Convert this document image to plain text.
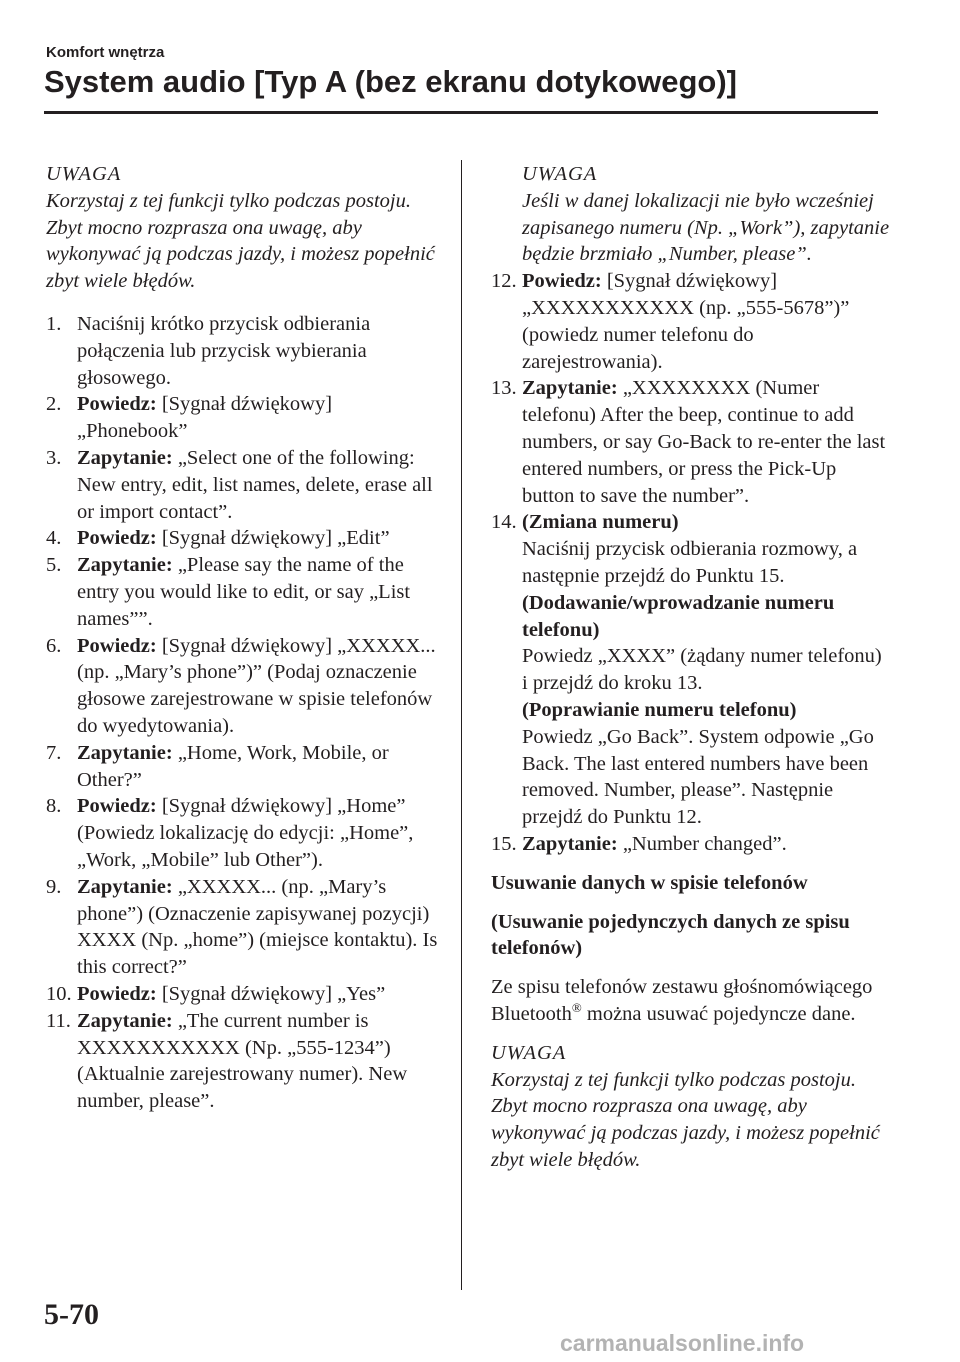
Komfort wnętrza
System audio [Typ A (bez ekranu dotykowego)]
UWAGA
Korzystaj z tej funkcji tylko podczas postoju. Zbyt mocno rozprasza ona uwagę, aby wykonywać ją podczas jazdy, i możesz popełnić zbyt wiele błędów.
1. Naciśnij krótko przycisk odbierania połączenia lub przycisk wybierania głosowego.
2. Powiedz: [Sygnał dźwiękowy] „Phonebook”
3. Zapytanie: „Select one of the following: New entry, edit, list names, delete, erase all or import contact”.
4. Powiedz: [Sygnał dźwiękowy] „Edit”
5. Zapytanie: „Please say the name of the entry you would like to edit, or say „List names””.
6. Powiedz: [Sygnał dźwiękowy] „XXXXX... (np. „Mary’s phone”)” (Podaj oznaczenie głosowe zarejestrowane w spisie telefonów do wyedytowania).
7. Zapytanie: „Home, Work, Mobile, or Other?”
8. Powiedz: [Sygnał dźwiękowy] „Home” (Powiedz lokalizację do edycji: „Home”, „Work, „Mobile” lub Other”).
9. Zapytanie: „XXXXX... (np. „Mary’s phone”) (Oznaczenie zapisywanej pozycji) XXXX (Np. „home”) (miejsce kontaktu). Is this correct?”
10. Powiedz: [Sygnał dźwiękowy] „Yes”
11. Zapytanie: „The current number is XXXXXXXXXXX (Np. „555-1234”) (Aktualnie zarejestrowany numer). New number, please”.
UWAGA
Jeśli w danej lokalizacji nie było wcześniej zapisanego numeru (Np. „Work”), zapytanie będzie brzmiało „Number, please”.
12. Powiedz: [Sygnał dźwiękowy] „XXXXXXXXXXX (np. „555-5678”)” (powiedz numer telefonu do zarejestrowania).
13. Zapytanie: „XXXXXXXX (Numer telefonu) After the beep, continue to add numbers, or say Go-Back to re-enter the last entered numbers, or press the Pick-Up button to save the number”.
14. (Zmiana numeru)
Naciśnij przycisk odbierania rozmowy, a następnie przejdź do Punktu 15.
(Dodawanie/wprowadzanie numeru telefonu)
Powiedz „XXXX” (żądany numer telefonu) i przejdź do kroku 13.
(Poprawianie numeru telefonu)
Powiedz „Go Back”. System odpowie „Go Back. The last entered numbers have been removed. Number, please”. Następnie przejdź do Punktu 12.
15. Zapytanie: „Number changed”.

Usuwanie danych w spisie telefonów

(Usuwanie pojedynczych danych ze spisu telefonów)

Ze spisu telefonów zestawu głośnomówiącego Bluetooth® można usuwać pojedyncze dane.

UWAGA
Korzystaj z tej funkcji tylko podczas postoju. Zbyt mocno rozprasza ona uwagę, aby wykonywać ją podczas jazdy, i możesz popełnić zbyt wiele błędów.
5-70
carmanualsonline.info
